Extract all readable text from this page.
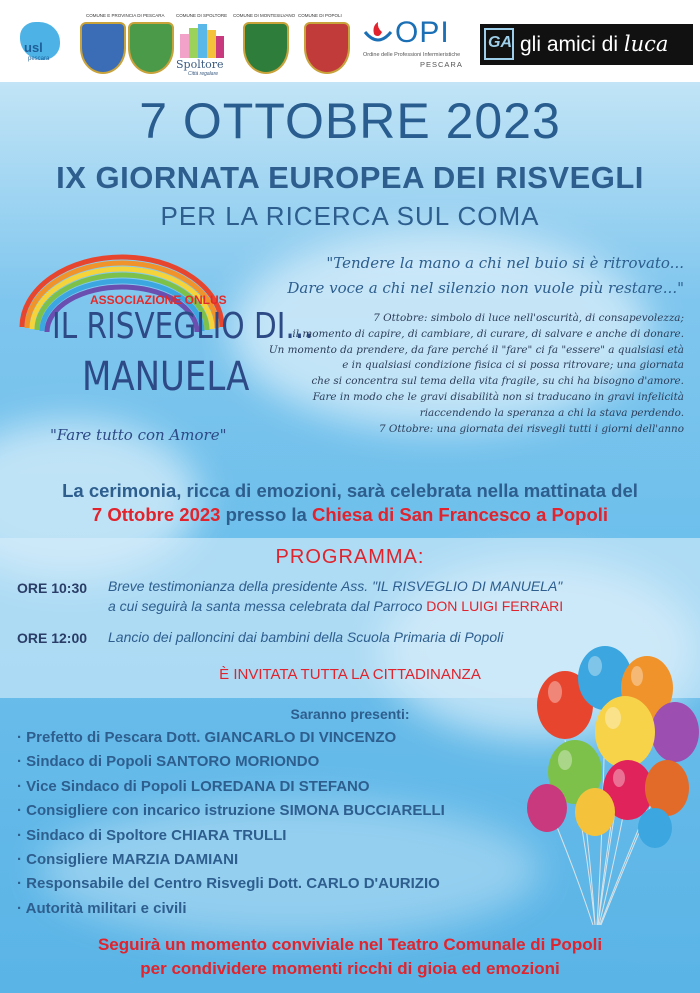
usl
pescara
COMUNE E PROVINCIA DI PESCARA	COMUNE DI SPOLTORE
Spoltore
Città regalare
COMUNE DI MONTESILVANO COMUNE DI POPOLI
OPI
Ordine delle Professioni Infermieristiche
PESCARA
GA gli amici di luca
7 OTTOBRE 2023
IX GIORNATA EUROPEA DEI RISVEGLI
PER LA RICERCA SUL COMA
ASSOCIAZIONE ONLUS
IL RISVEGLIO DI...
MANUELA
"Fare tutto con Amore"
"Tendere la mano a chi nel buio si è ritrovato...
Dare voce a chi nel silenzio non vuole più restare..."
7 Ottobre: simbolo di luce nell'oscurità, di consapevolezza;
il momento di capire, di cambiare, di curare, di salvare e anche di donare.
Un momento da prendere, da fare perché il "fare" ci fa "essere" a qualsiasi età
e in qualsiasi condizione fisica ci si possa ritrovare; una giornata
che si concentra sul tema della vita fragile, su chi ha bisogno d'amore.
Fare in modo che le gravi disabilità non si traducano in gravi infelicità
riaccendendo la speranza a chi la stava perdendo.
7 Ottobre: una giornata dei risvegli tutti i giorni dell'anno
La cerimonia, ricca di emozioni, sarà celebrata nella mattinata del
7 Ottobre 2023 presso la Chiesa di San Francesco a Popoli
PROGRAMMA:
ORE 10:30 Breve testimonianza della presidente Ass. "IL RISVEGLIO DI MANUELA"
a cui seguirà la santa messa celebrata dal Parroco DON LUIGI FERRARI
ORE 12:00 Lancio dei palloncini dai bambini della Scuola Primaria di Popoli
È INVITATA TUTTA LA CITTADINANZA
Saranno presenti:
· Prefetto di Pescara Dott. GIANCARLO DI VINCENZO
· Sindaco di Popoli SANTORO MORIONDO
· Vice Sindaco di Popoli LOREDANA DI STEFANO
· Consigliere con incarico istruzione SIMONA BUCCIARELLI
· Sindaco di Spoltore CHIARA TRULLI
· Consigliere MARZIA DAMIANI
· Responsabile del Centro Risvegli Dott. CARLO D'AURIZIO
· Autorità militari e civili
Seguirà un momento conviviale nel Teatro Comunale di Popoli
per condividere momenti ricchi di gioia ed emozioni
